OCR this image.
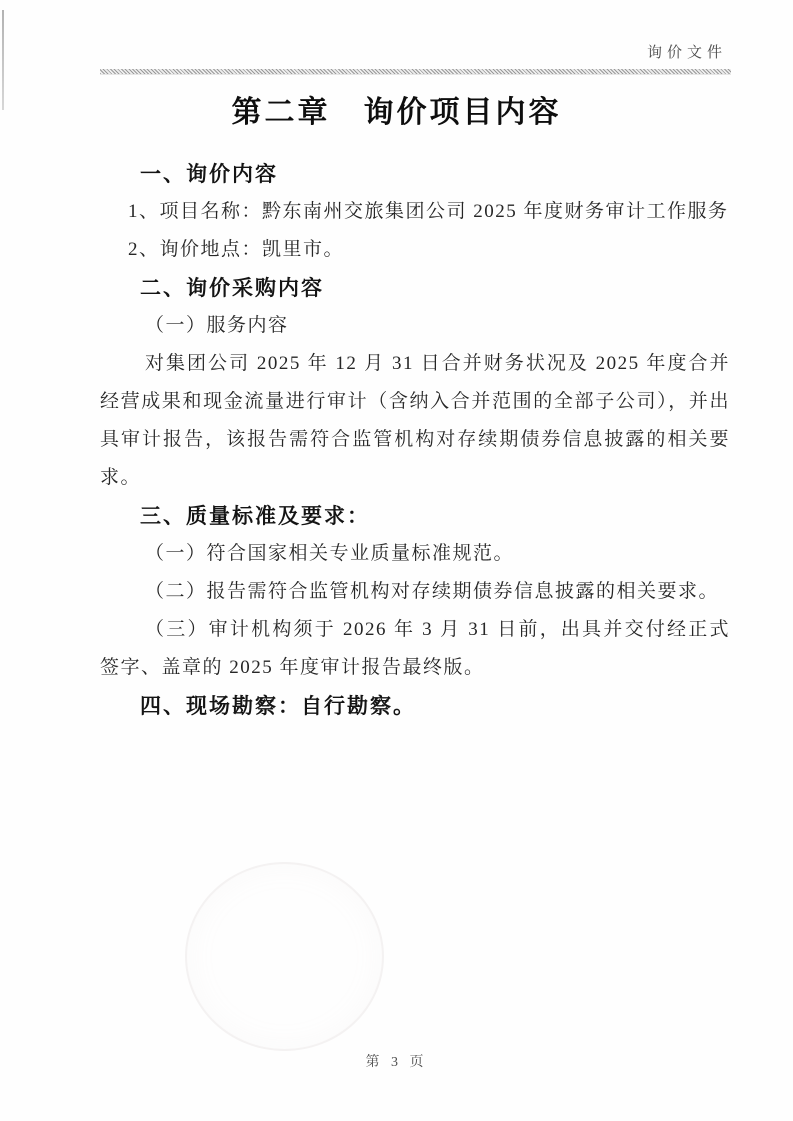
询价文件
第二章　询价项目内容

一、询价内容

1、项目名称：黔东南州交旅集团公司 2025 年度财务审计工作服务

2、询价地点：凯里市。

二、询价采购内容

（一）服务内容

对集团公司 2025 年 12 月 31 日合并财务状况及 2025 年度合并经营成果和现金流量进行审计（含纳入合并范围的全部子公司），并出具审计报告，该报告需符合监管机构对存续期债券信息披露的相关要求。

三、质量标准及要求：

（一）符合国家相关专业质量标准规范。

（二）报告需符合监管机构对存续期债券信息披露的相关要求。

（三）审计机构须于 2026 年 3 月 31 日前，出具并交付经正式签字、盖章的 2025 年度审计报告最终版。

四、现场勘察：自行勘察。

第 3 页
